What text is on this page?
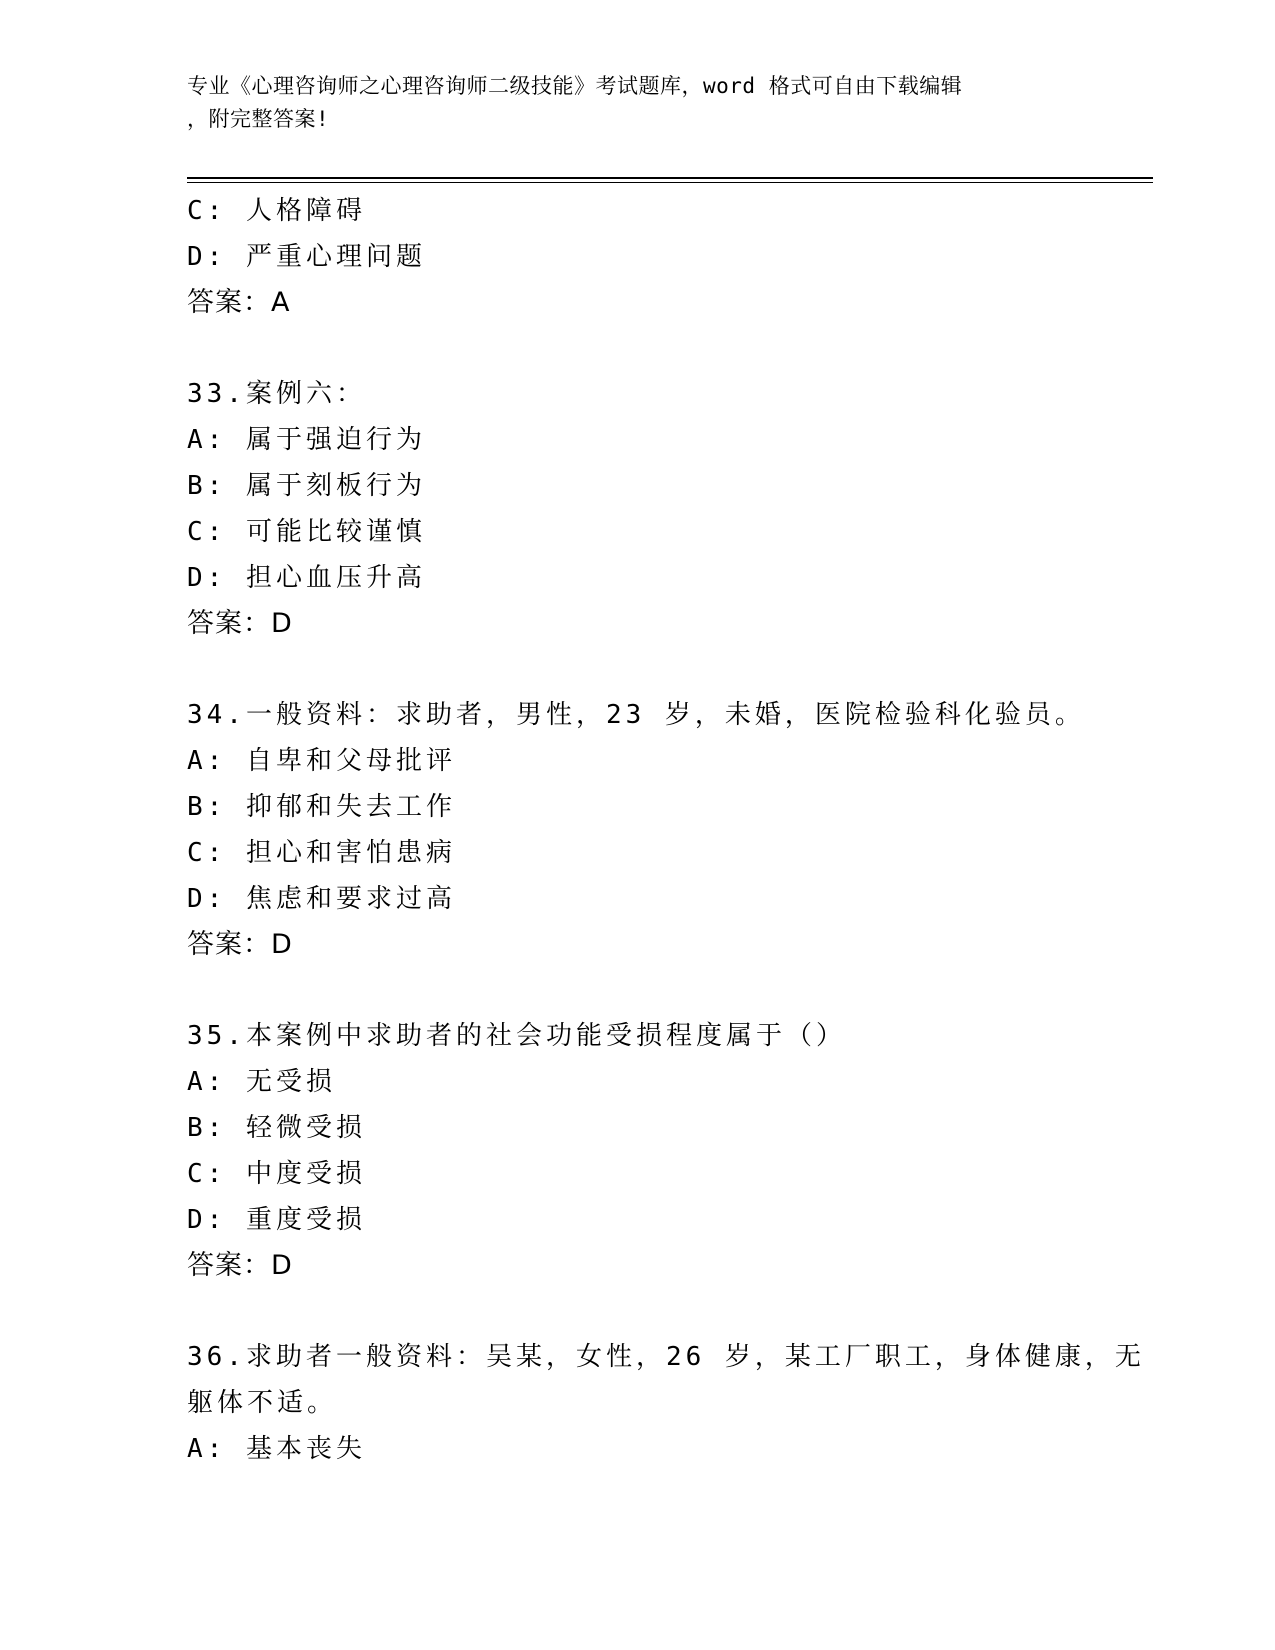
专业《心理咨询师之心理咨询师二级技能》考试题库，word 格式可自由下载编辑
，附完整答案!
C: 人格障碍
D: 严重心理问题
答案：A
33.案例六：
A: 属于强迫行为
B: 属于刻板行为
C: 可能比较谨慎
D: 担心血压升高
答案：D
34.一般资料：求助者，男性，23 岁，未婚，医院检验科化验员。
A: 自卑和父母批评
B: 抑郁和失去工作
C: 担心和害怕患病
D: 焦虑和要求过高
答案：D
35.本案例中求助者的社会功能受损程度属于（）
A: 无受损
B: 轻微受损
C: 中度受损
D: 重度受损
答案：D
36.求助者一般资料：吴某，女性，26 岁，某工厂职工，身体健康，无
躯体不适。
A: 基本丧失
